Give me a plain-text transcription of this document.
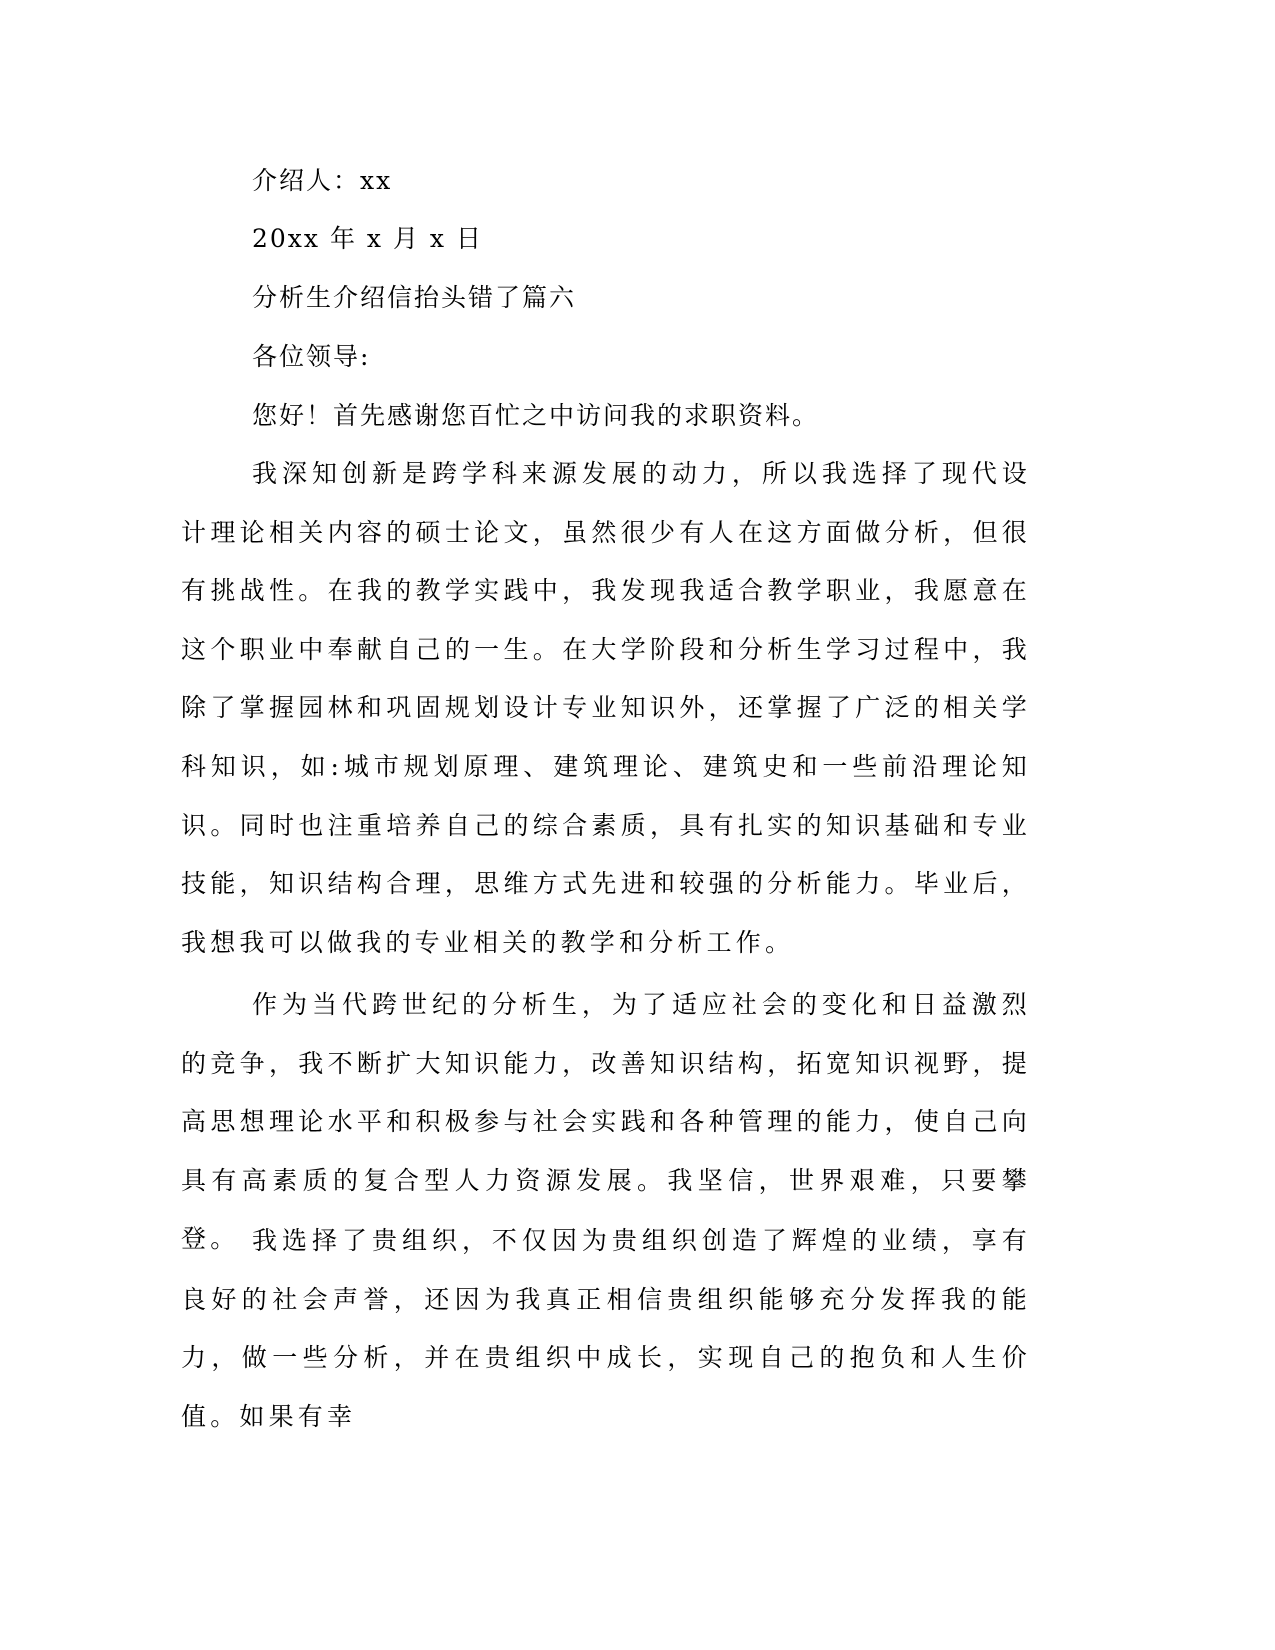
介绍人：xx
20xx 年 x 月 x 日
分析生介绍信抬头错了篇六
各位领导:
您好！首先感谢您百忙之中访问我的求职资料。

我深知创新是跨学科来源发展的动力，所以我选择了现代设计理论相关内容的硕士论文，虽然很少有人在这方面做分析，但很有挑战性。在我的教学实践中，我发现我适合教学职业，我愿意在这个职业中奉献自己的一生。在大学阶段和分析生学习过程中，我除了掌握园林和巩固规划设计专业知识外，还掌握了广泛的相关学科知识，如:城市规划原理、建筑理论、建筑史和一些前沿理论知识。同时也注重培养自己的综合素质，具有扎实的知识基础和专业技能，知识结构合理，思维方式先进和较强的分析能力。毕业后，我想我可以做我的专业相关的教学和分析工作。

作为当代跨世纪的分析生，为了适应社会的变化和日益激烈的竞争，我不断扩大知识能力，改善知识结构，拓宽知识视野，提高思想理论水平和积极参与社会实践和各种管理的能力，使自己向具有高素质的复合型人力资源发展。我坚信，世界艰难，只要攀登。 我选择了贵组织，不仅因为贵组织创造了辉煌的业绩，享有良好的社会声誉，还因为我真正相信贵组织能够充分发挥我的能力，做一些分析，并在贵组织中成长，实现自己的抱负和人生价值。如果有幸
